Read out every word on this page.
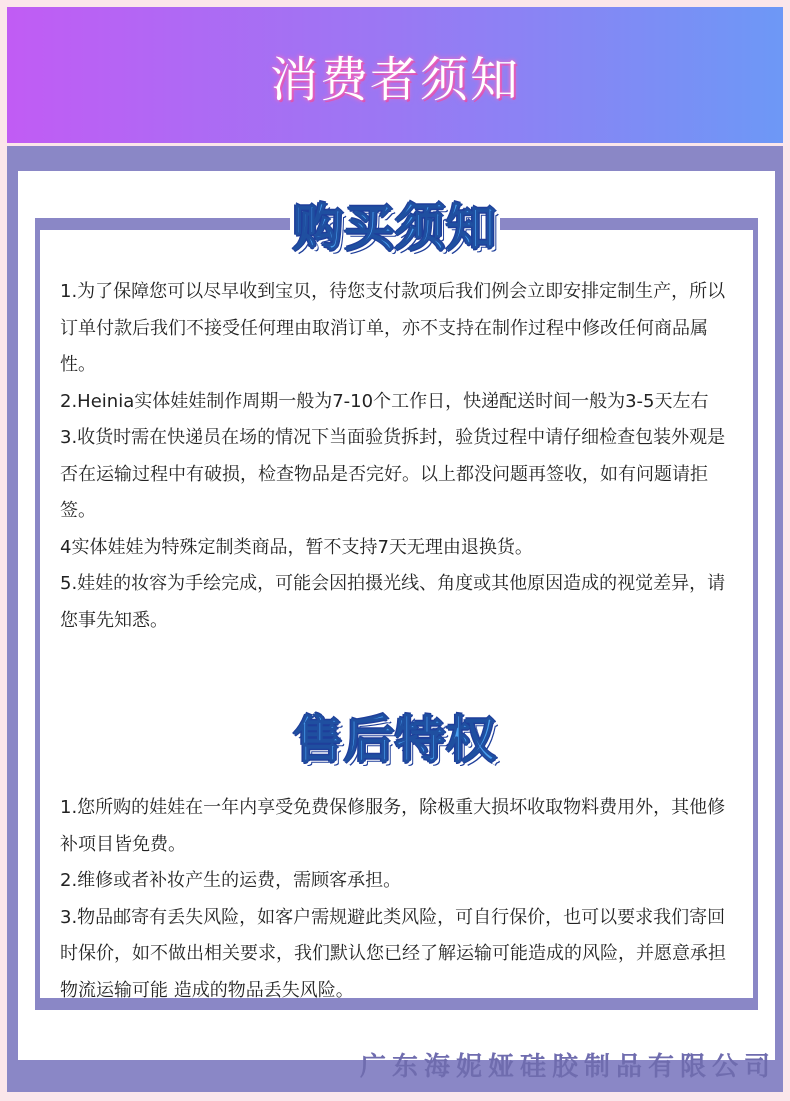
消费者须知
购买须知

1.为了保障您可以尽早收到宝贝，待您支付款项后我们例会立即安排定制生产，所以订单付款后我们不接受任何理由取消订单，亦不支持在制作过程中修改任何商品属性。

2.Heinia实体娃娃制作周期一般为7-10个工作日，快递配送时间一般为3-5天左右

3.收货时需在快递员在场的情况下当面验货拆封，验货过程中请仔细检查包装外观是否在运输过程中有破损，检查物品是否完好。以上都没问题再签收，如有问题请拒签。

4实体娃娃为特殊定制类商品，暂不支持7天无理由退换货。

5.娃娃的妆容为手绘完成，可能会因拍摄光线、角度或其他原因造成的视觉差异，请您事先知悉。

售后特权

1.您所购的娃娃在一年内享受免费保修服务，除极重大损坏收取物料费用外，其他修补项目皆免费。

2.维修或者补妆产生的运费，需顾客承担。

3.物品邮寄有丢失风险，如客户需规避此类风险，可自行保价，也可以要求我们寄回时保价，如不做出相关要求，我们默认您已经了解运输可能造成的风险，并愿意承担物流运输可能 造成的物品丢失风险。

广东海妮娅硅胶制品有限公司
